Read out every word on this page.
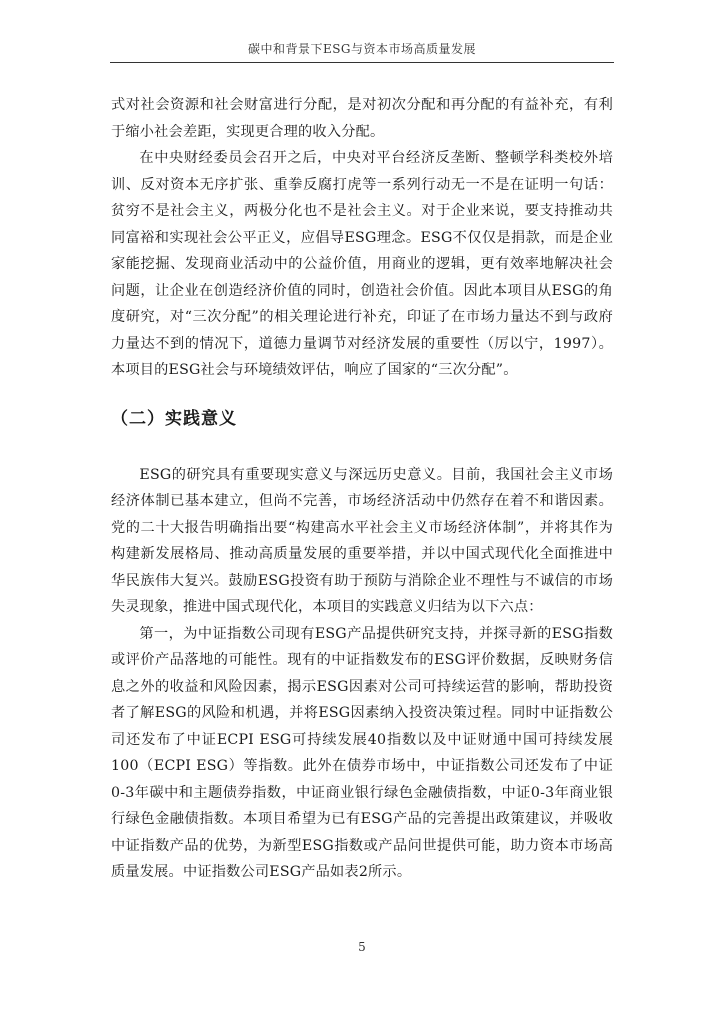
碳中和背景下ESG与资本市场高质量发展

式对社会资源和社会财富进行分配，是对初次分配和再分配的有益补充，有利于缩小社会差距，实现更合理的收入分配。

在中央财经委员会召开之后，中央对平台经济反垄断、整顿学科类校外培训、反对资本无序扩张、重拳反腐打虎等一系列行动无一不是在证明一句话：贫穷不是社会主义，两极分化也不是社会主义。对于企业来说，要支持推动共同富裕和实现社会公平正义，应倡导ESG理念。ESG不仅仅是捐款，而是企业家能挖掘、发现商业活动中的公益价值，用商业的逻辑，更有效率地解决社会问题，让企业在创造经济价值的同时，创造社会价值。因此本项目从ESG的角度研究，对“三次分配”的相关理论进行补充，印证了在市场力量达不到与政府力量达不到的情况下，道德力量调节对经济发展的重要性（厉以宁，1997）。本项目的ESG社会与环境绩效评估，响应了国家的“三次分配”。

（二）实践意义

ESG的研究具有重要现实意义与深远历史意义。目前，我国社会主义市场经济体制已基本建立，但尚不完善，市场经济活动中仍然存在着不和谐因素。党的二十大报告明确指出要“构建高水平社会主义市场经济体制”，并将其作为构建新发展格局、推动高质量发展的重要举措，并以中国式现代化全面推进中华民族伟大复兴。鼓励ESG投资有助于预防与消除企业不理性与不诚信的市场失灵现象，推进中国式现代化，本项目的实践意义归结为以下六点：

第一，为中证指数公司现有ESG产品提供研究支持，并探寻新的ESG指数或评价产品落地的可能性。现有的中证指数发布的ESG评价数据，反映财务信息之外的收益和风险因素，揭示ESG因素对公司可持续运营的影响，帮助投资者了解ESG的风险和机遇，并将ESG因素纳入投资决策过程。同时中证指数公司还发布了中证ECPI ESG可持续发展40指数以及中证财通中国可持续发展100（ECPI ESG）等指数。此外在债券市场中，中证指数公司还发布了中证0-3年碳中和主题债券指数，中证商业银行绿色金融债指数，中证0-3年商业银行绿色金融债指数。本项目希望为已有ESG产品的完善提出政策建议，并吸收中证指数产品的优势，为新型ESG指数或产品问世提供可能，助力资本市场高质量发展。中证指数公司ESG产品如表2所示。

5
